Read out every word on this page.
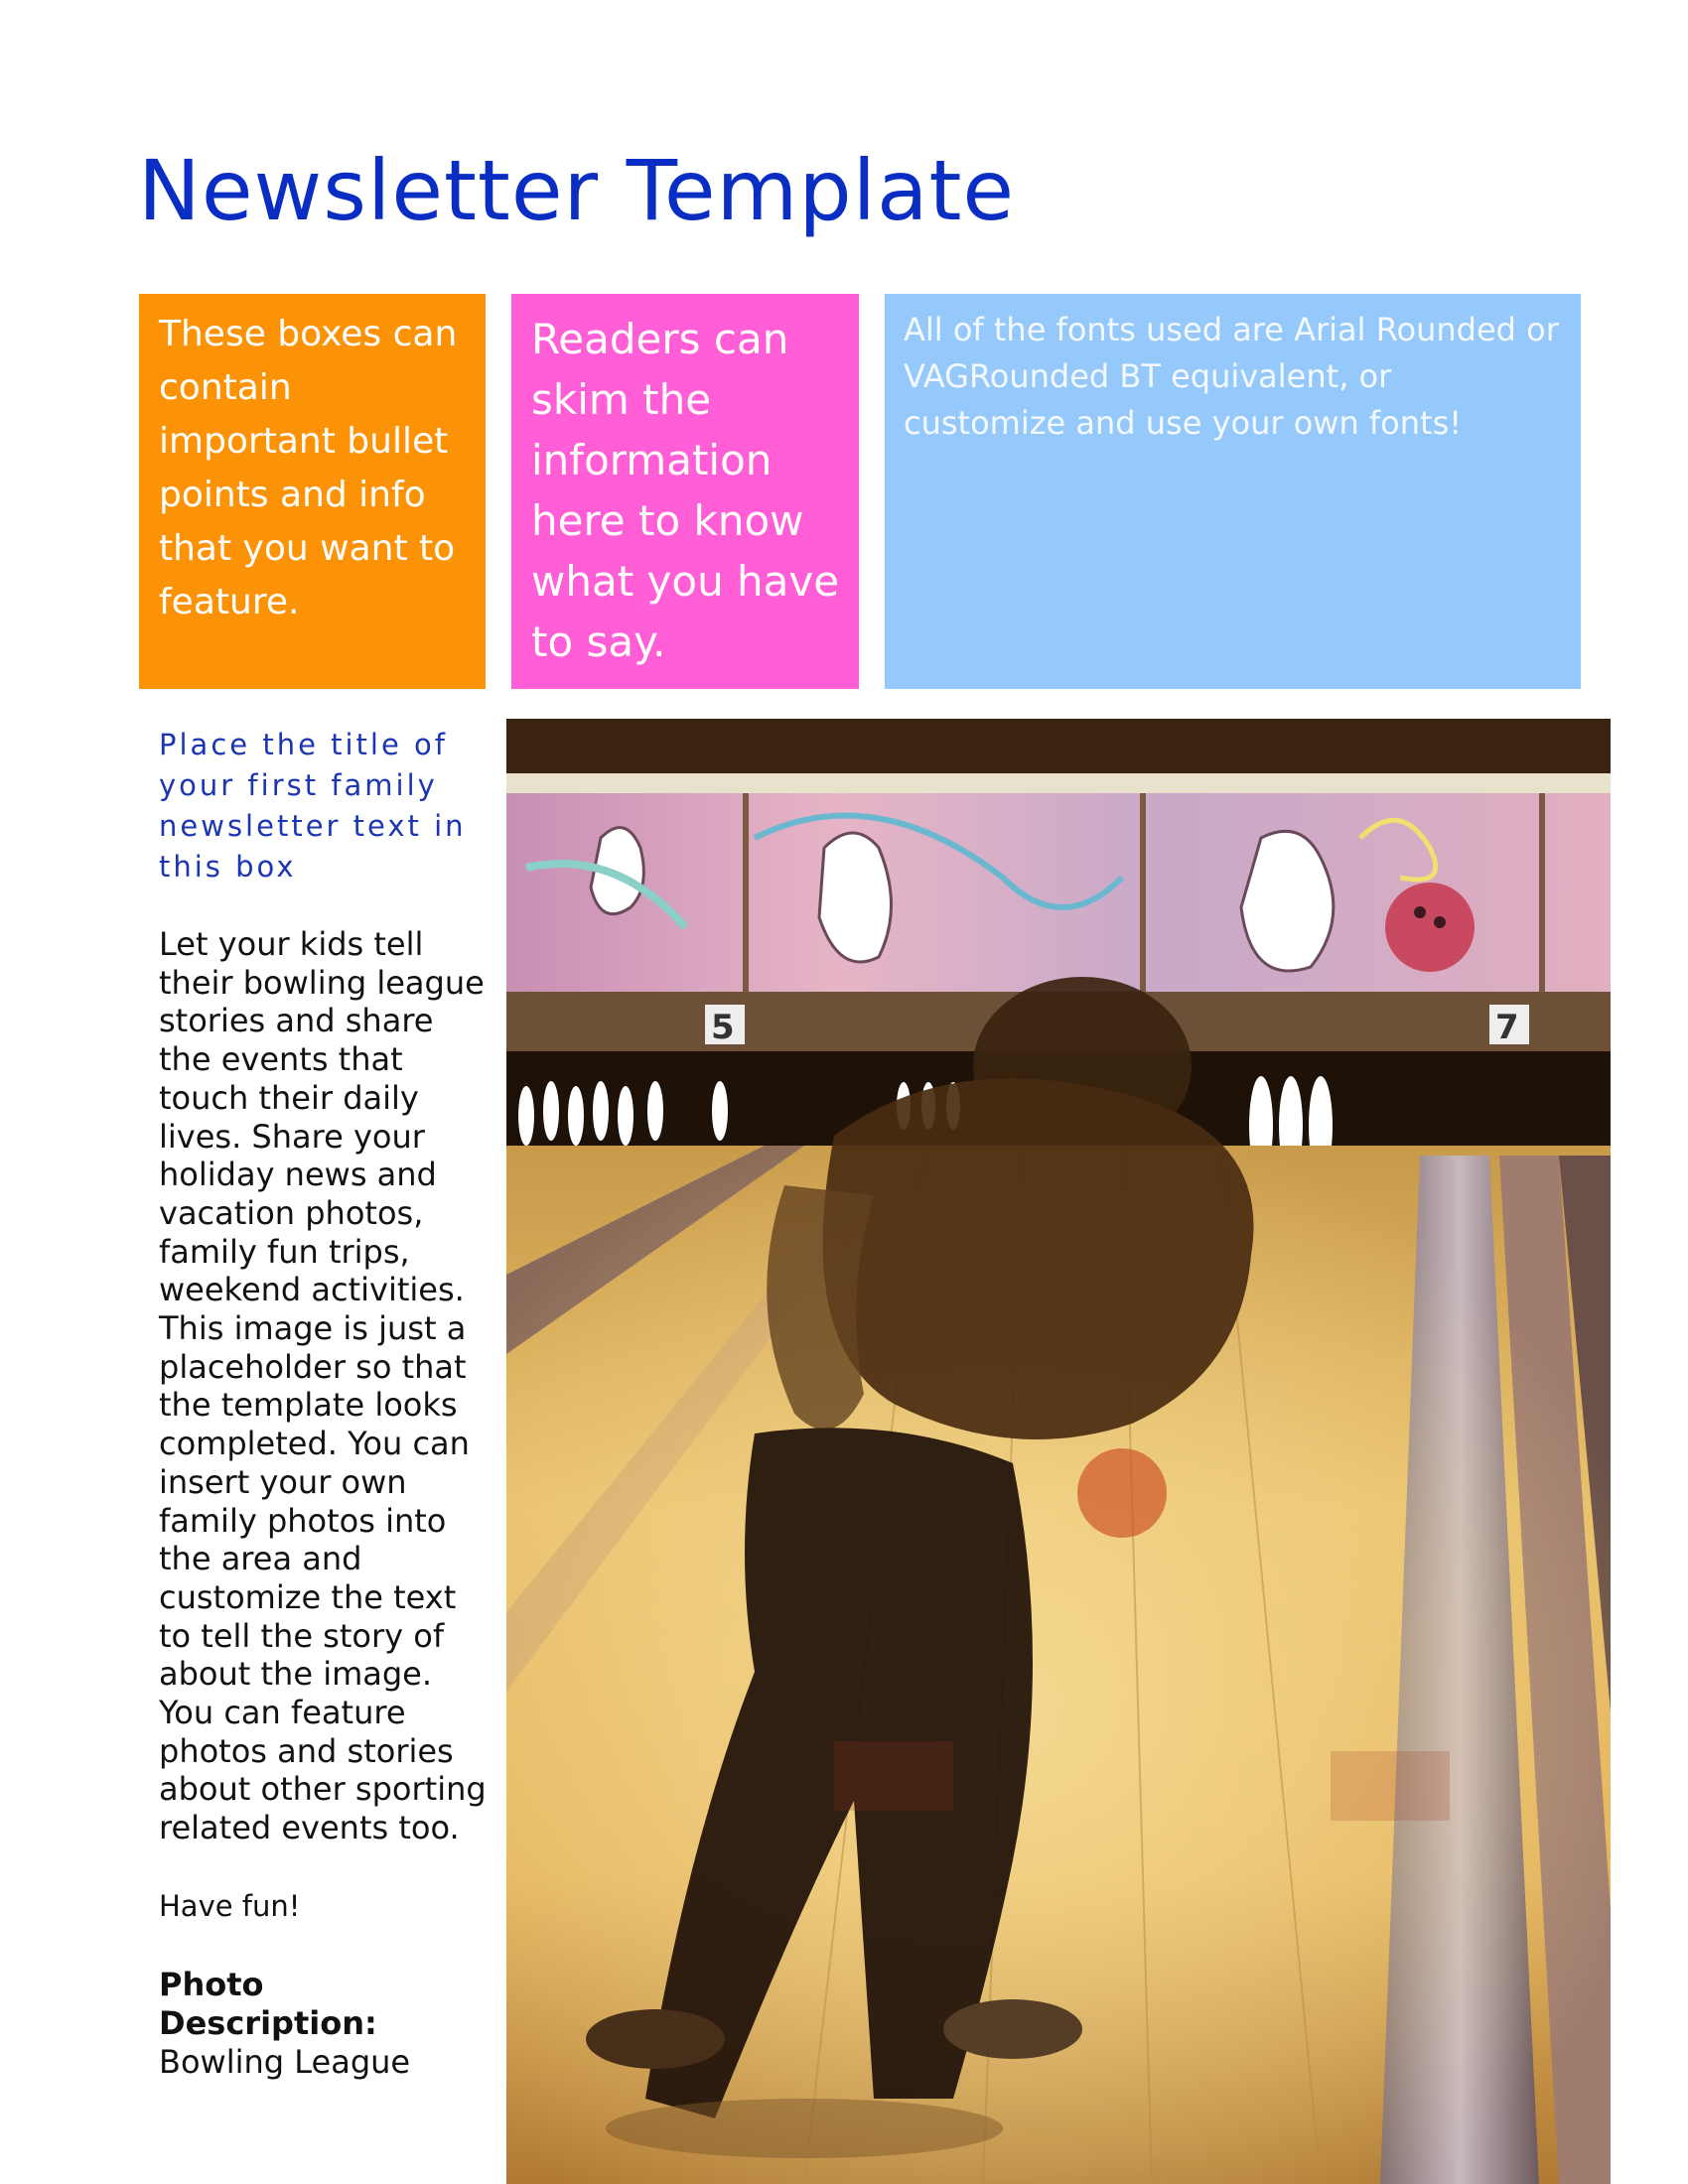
Newsletter Template
These boxes can contain important bullet points and info that you want to feature.
Readers can skim the information here to know what you have to say.
All of the fonts used are Arial Rounded or VAGRounded BT equivalent, or customize and use your own fonts!
Place the title of your first family newsletter text in this box
Let your kids tell their bowling league stories and share the events that touch their daily lives. Share your holiday news and vacation photos, family fun trips, weekend activities. This image is just a placeholder so that the template looks completed. You can insert your own family photos into the area and customize the text to tell the story of about the image. You can feature photos and stories about other sporting related events too.
Have fun!
Photo Description:
Bowling League
5	7
